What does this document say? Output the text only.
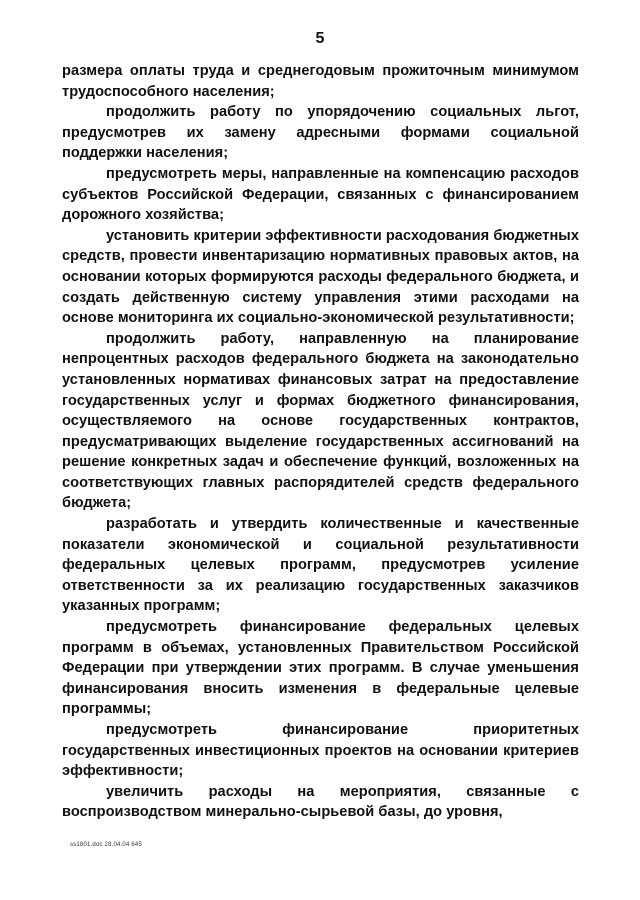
5

размера оплаты труда и среднегодовым прожиточным минимумом трудоспособного населения;

продолжить работу по упорядочению социальных льгот, предусмотрев их замену адресными формами социальной поддержки населения;

предусмотреть меры, направленные на компенсацию расходов субъектов Российской Федерации, связанных с финансированием дорожного хозяйства;

установить критерии эффективности расходования бюджетных средств, провести инвентаризацию нормативных правовых актов, на основании которых формируются расходы федерального бюджета, и создать действенную систему управления этими расходами на основе мониторинга их социально-экономической результативности;

продолжить работу, направленную на планирование непроцентных расходов федерального бюджета на законодательно установленных нормативах финансовых затрат на предоставление государственных услуг и формах бюджетного финансирования, осуществляемого на основе государственных контрактов, предусматривающих выделение государственных ассигнований на решение конкретных задач и обеспечение функций, возложенных на соответствующих главных распорядителей средств федерального бюджета;

разработать и утвердить количественные и качественные показатели экономической и социальной результативности федеральных целевых программ, предусмотрев усиление ответственности за их реализацию государственных заказчиков указанных программ;

предусмотреть финансирование федеральных целевых программ в объемах, установленных Правительством Российской Федерации при утверждении этих программ. В случае уменьшения финансирования вносить изменения в федеральные целевые программы;

предусмотреть финансирование приоритетных государственных инвестиционных проектов на основании критериев эффективности;

увеличить расходы на мероприятия, связанные с воспроизводством минерально-сырьевой базы, до уровня,

ss1801.doc 28.04.04 645
